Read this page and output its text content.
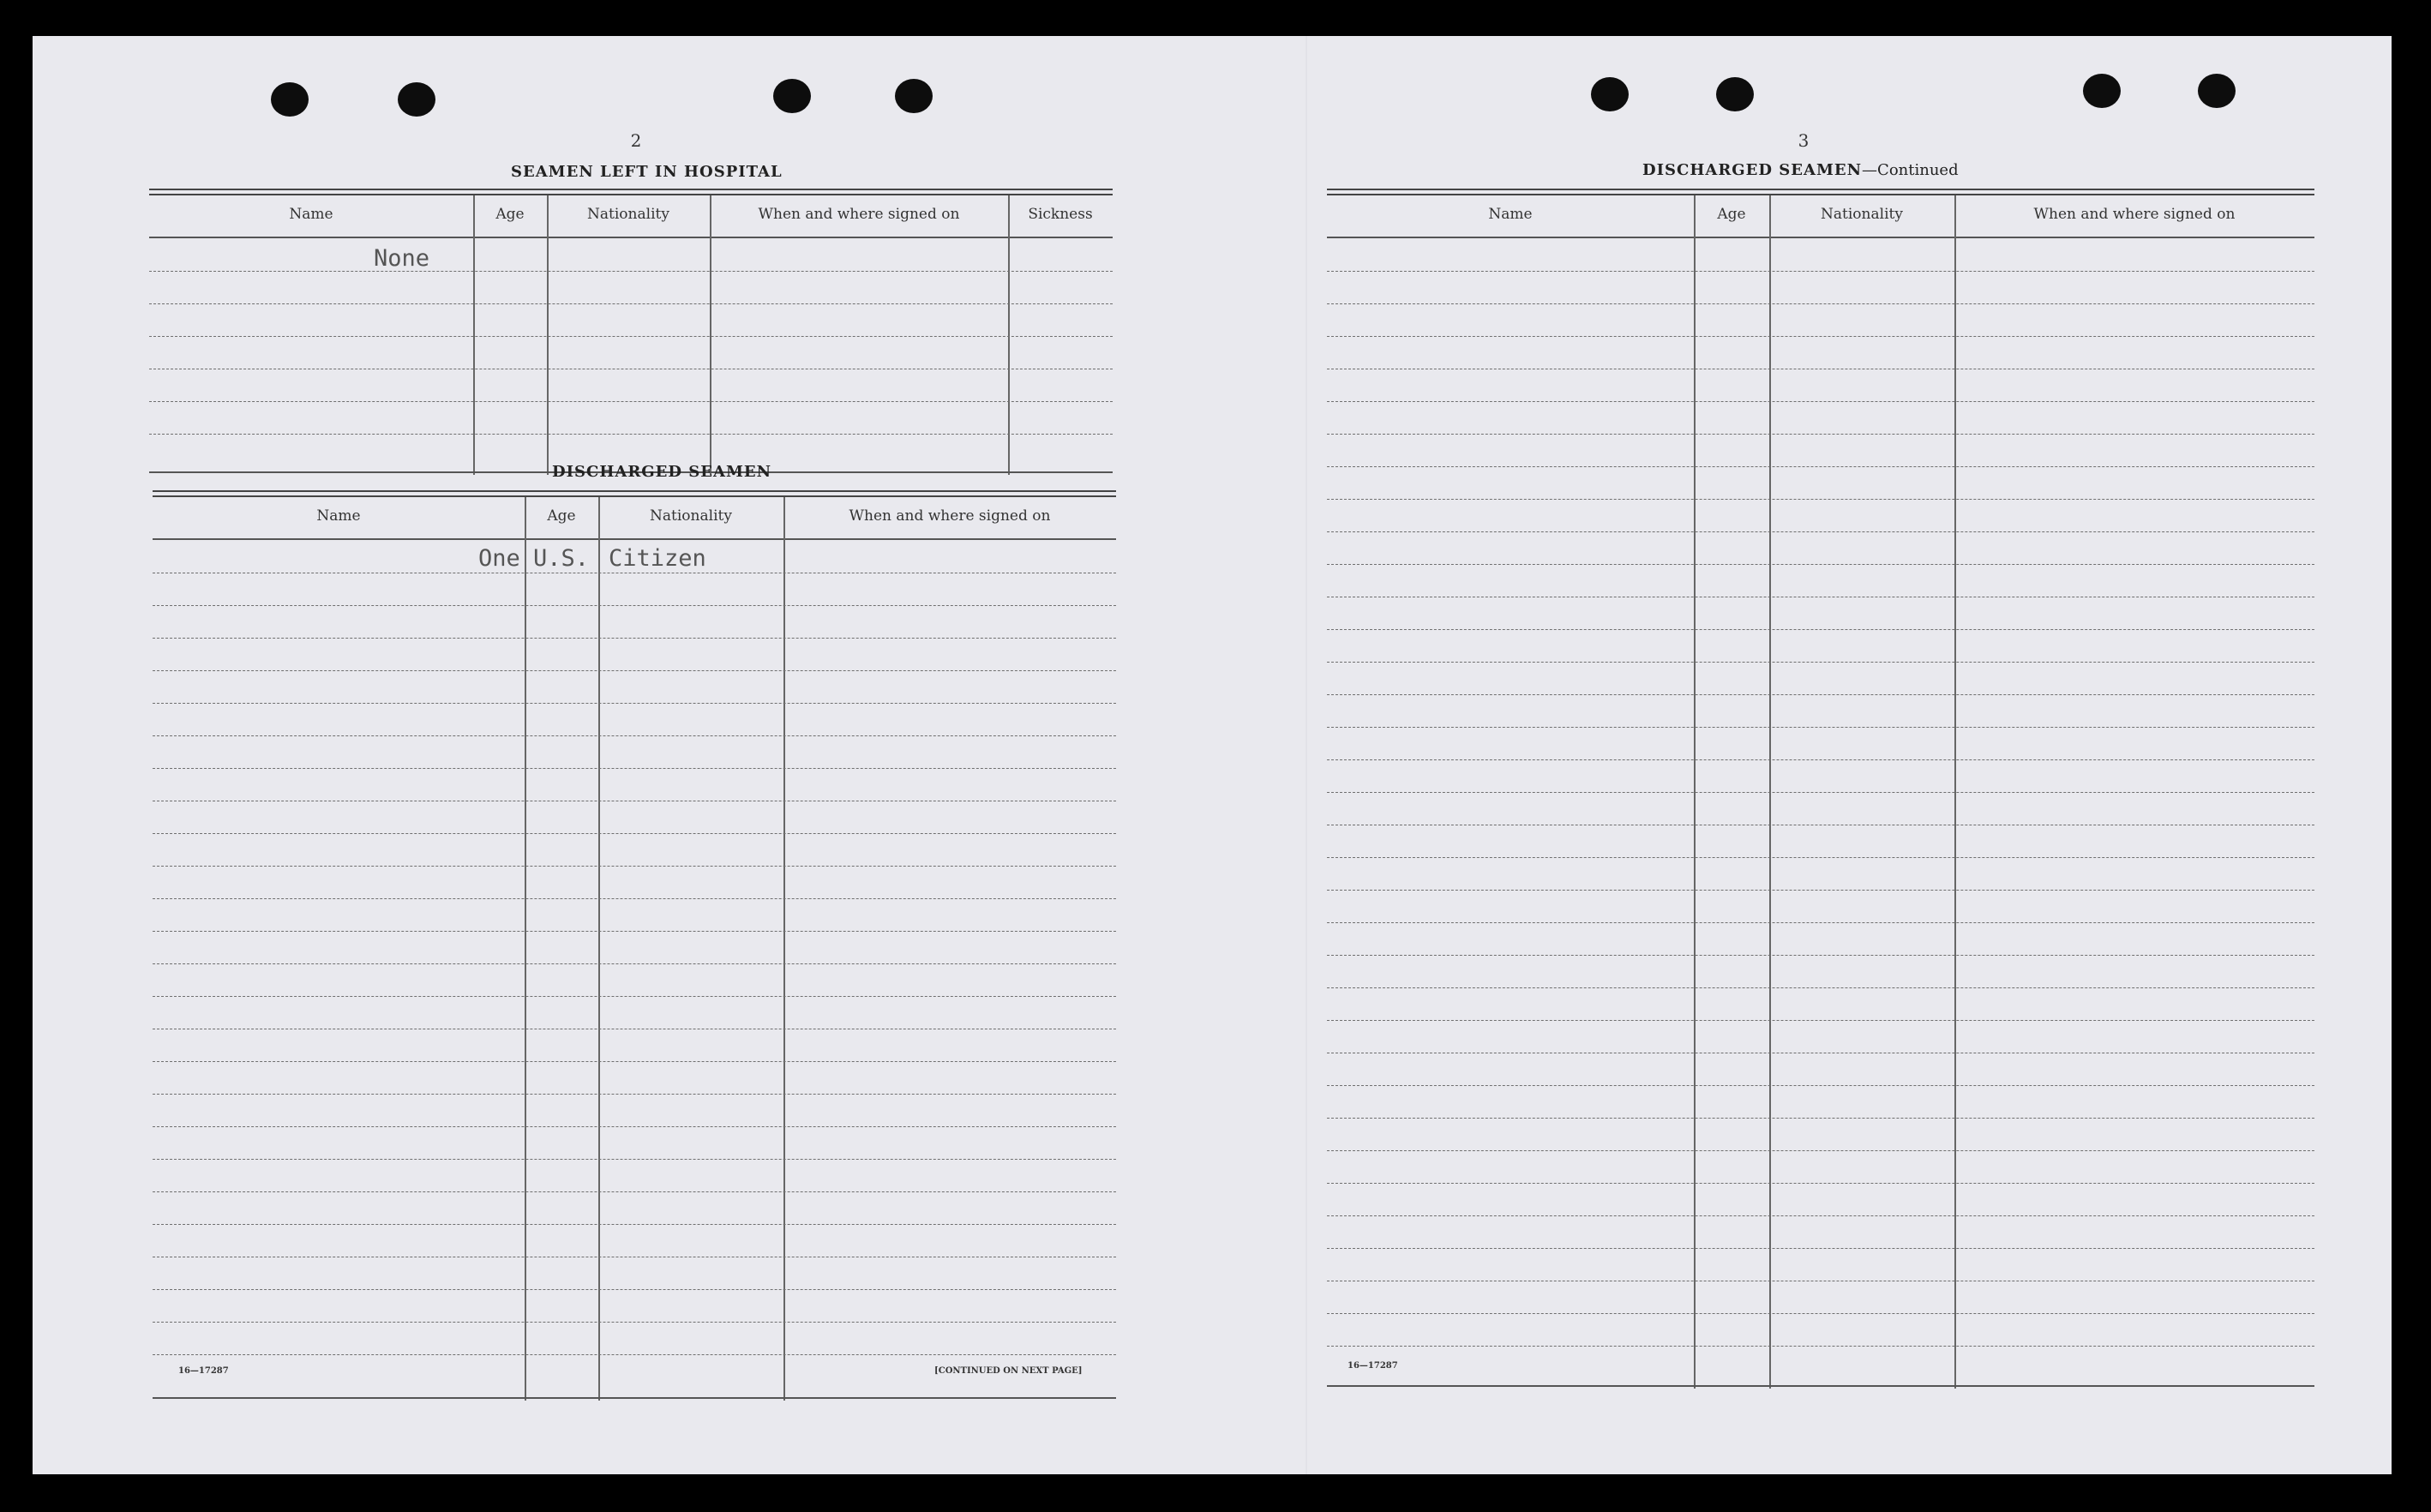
2
SEAMEN LEFT IN HOSPITAL
Name	Age	Nationality	When and where signed on	Sickness
None
DISCHARGED SEAMEN
Name	Age	Nationality	When and where signed on
One U.S. Citizen
16—17287	[CONTINUED ON NEXT PAGE]
3
DISCHARGED SEAMEN—Continued
Name	Age	Nationality	When and where signed on
16—17287
